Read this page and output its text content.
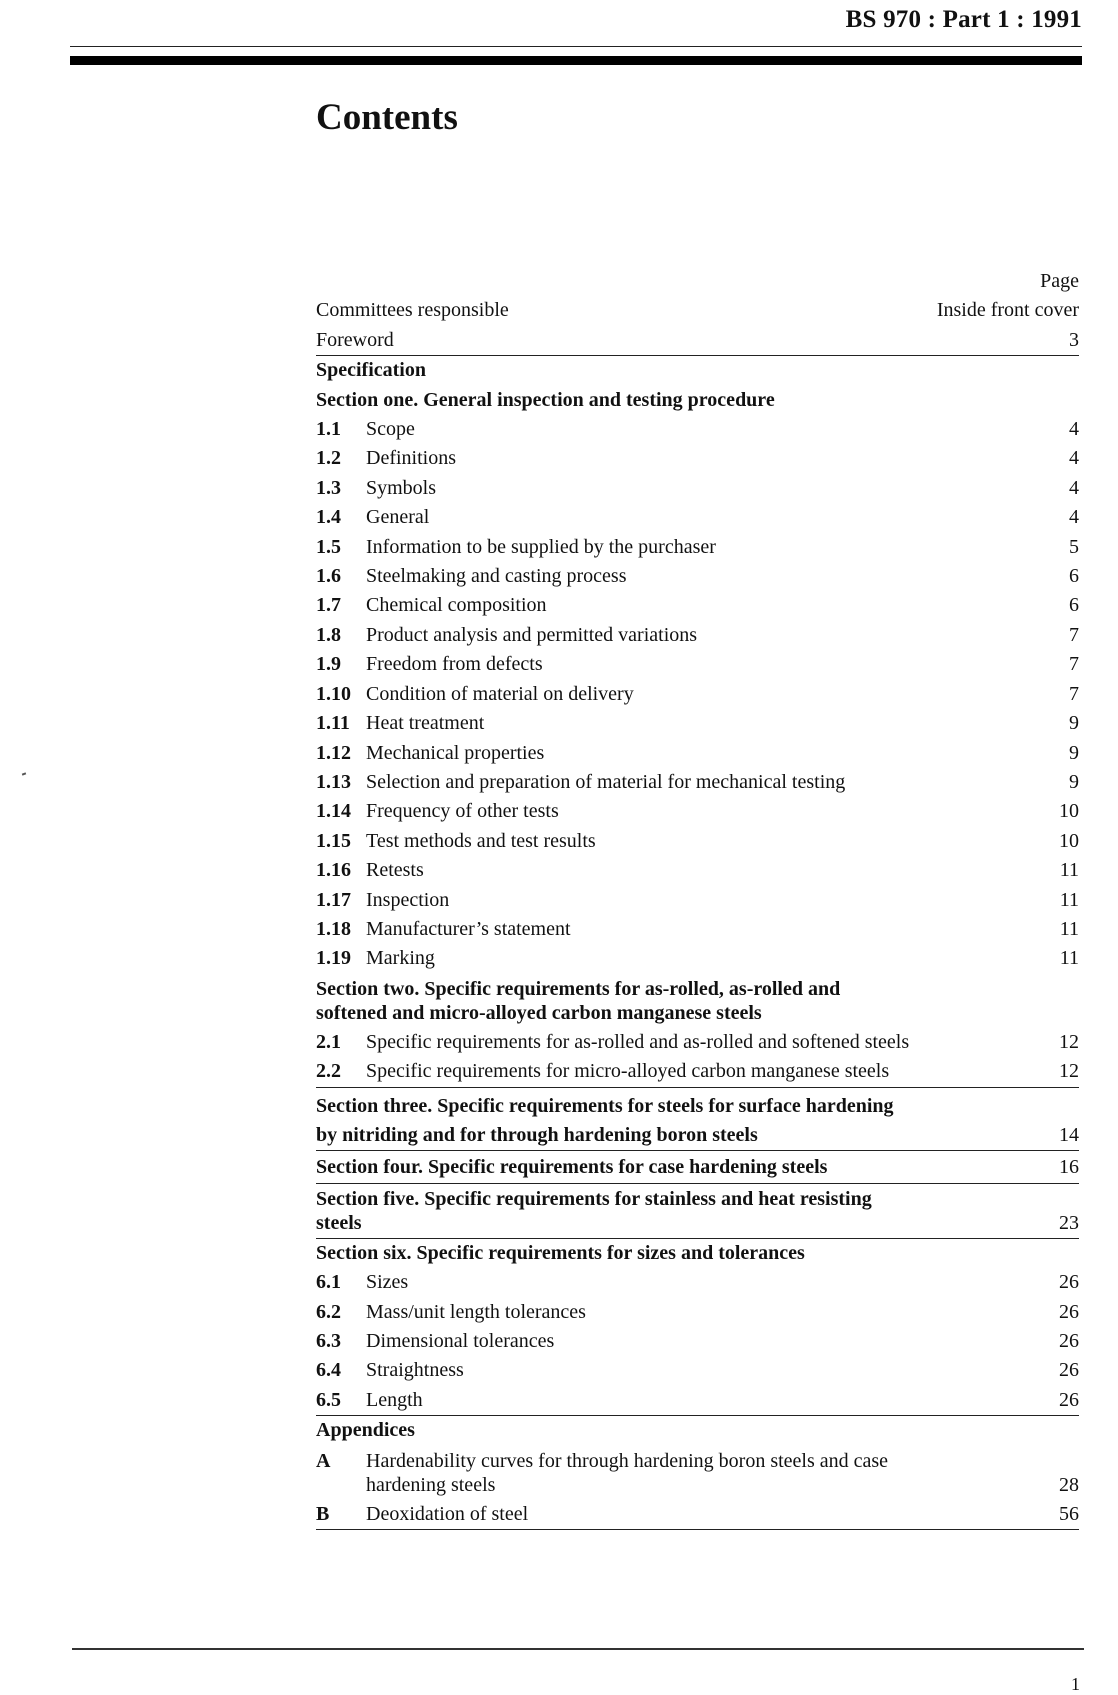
BS 970 : Part 1 : 1991
Contents
Page
Committees responsible	Inside front cover
Foreword	3
Specification
Section one. General inspection and testing procedure
1.1	Scope	4
1.2	Definitions	4
1.3	Symbols	4
1.4	General	4
1.5	Information to be supplied by the purchaser	5
1.6	Steelmaking and casting process	6
1.7	Chemical composition	6
1.8	Product analysis and permitted variations	7
1.9	Freedom from defects	7
1.10 Condition of material on delivery	7
1.11 Heat treatment	9
1.12 Mechanical properties	9
1.13 Selection and preparation of material for mechanical testing	9
1.14 Frequency of other tests	10
1.15 Test methods and test results	10
1.16 Retests	11
1.17 Inspection	11
1.18 Manufacturer’s statement	11
1.19 Marking	11
Section two. Specific requirements for as-rolled, as-rolled and
softened and micro-alloyed carbon manganese steels
2.1	Specific requirements for as-rolled and as-rolled and softened steels	12
2.2	Specific requirements for micro-alloyed carbon manganese steels	12
Section three. Specific requirements for steels for surface hardening
by nitriding and for through hardening boron steels	14
Section four. Specific requirements for case hardening steels	16
Section five. Specific requirements for stainless and heat resisting
steels	23
Section six. Specific requirements for sizes and tolerances
6.1	Sizes	26
6.2	Mass/unit length tolerances	26
6.3	Dimensional tolerances	26
6.4	Straightness	26
6.5	Length	26
Appendices
A	Hardenability curves for through hardening boron steels and case
hardening steels	28
B	Deoxidation of steel	56
1
